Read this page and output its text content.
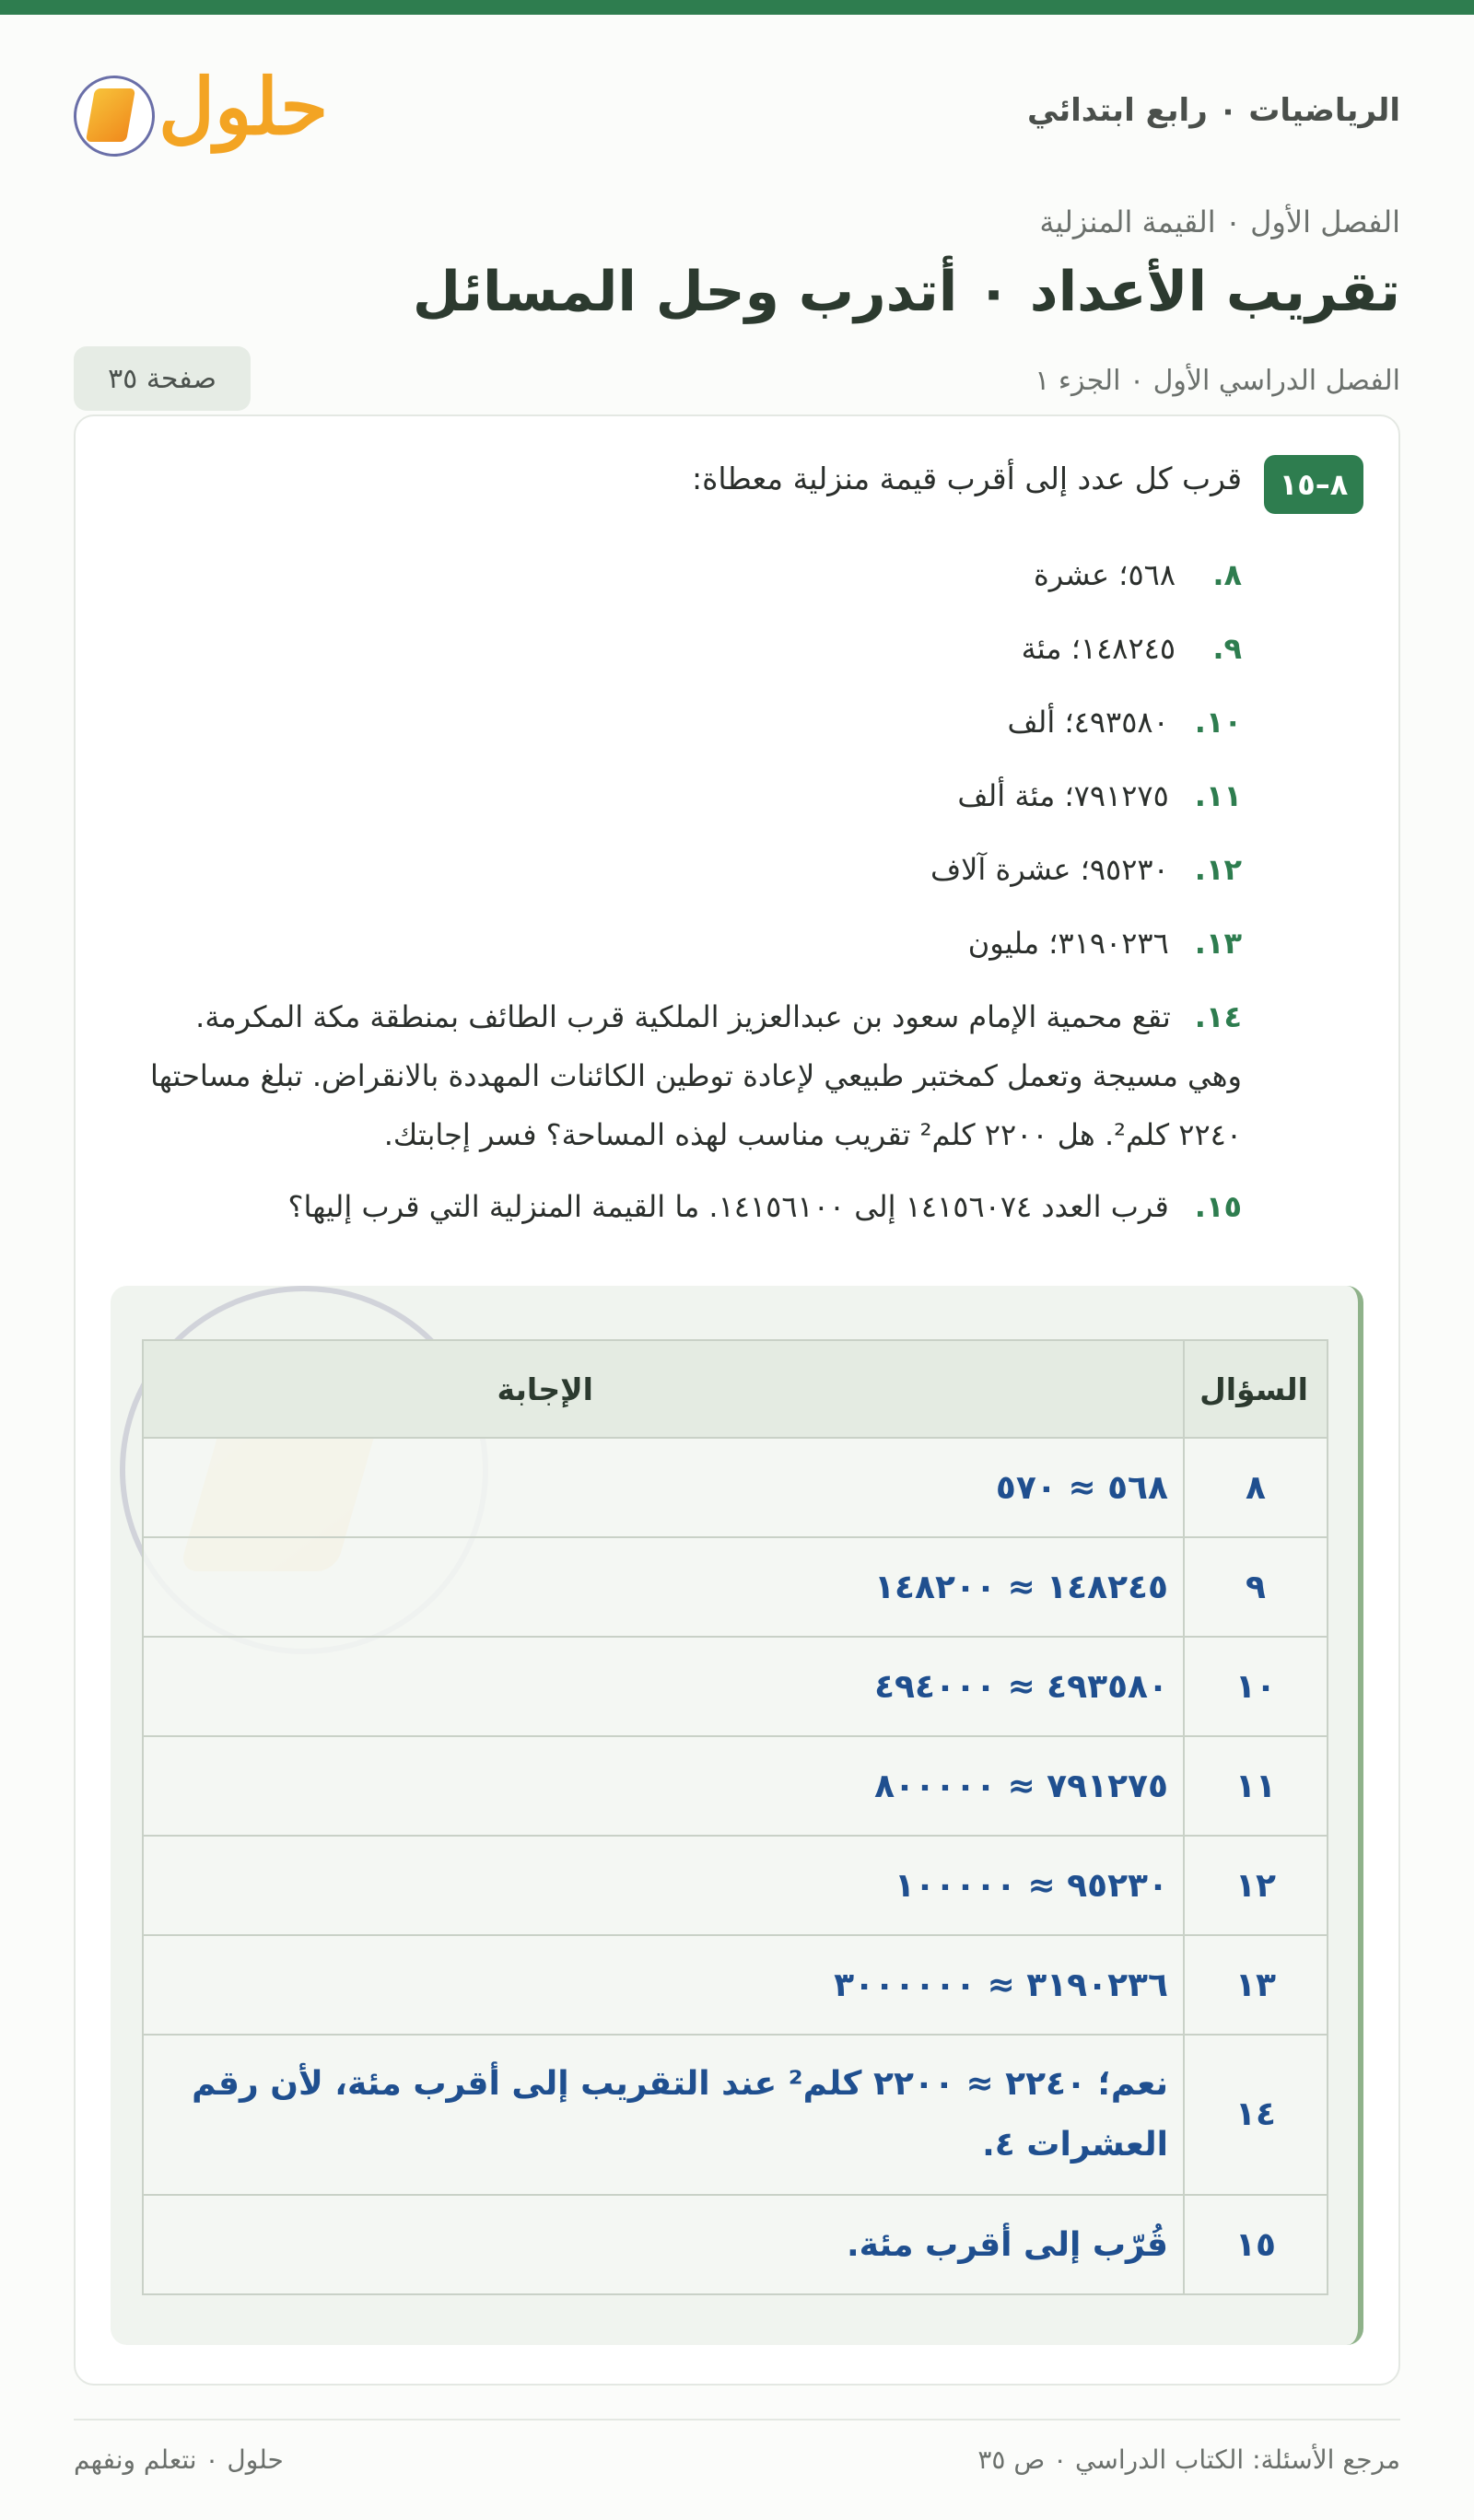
الرياضيات ٠ رابع ابتدائي
حلول
الفصل الأول ٠ القيمة المنزلية
تقريب الأعداد ٠ أتدرب وحل المسائل
الفصل الدراسي الأول ٠ الجزء ١
صفحة ٣٥
٨–١٥
قرب كل عدد إلى أقرب قيمة منزلية معطاة:
٨.
٥٦٨؛ عشرة
٩.
١٤٨٢٤٥؛ مئة
١٠.
٤٩٣٥٨٠؛ ألف
١١.
٧٩١٢٧٥؛ مئة ألف
١٢.
٩٥٢٣٠؛ عشرة آلاف
١٣.
٣١٩٠٢٣٦؛ مليون
١٤.تقع محمية الإمام سعود بن عبدالعزيز الملكية قرب الطائف بمنطقة مكة المكرمة. وهي مسيجة وتعمل كمختبر طبيعي لإعادة توطين الكائنات المهددة بالانقراض. تبلغ مساحتها ٢٢٤٠ كلم². هل ٢٢٠٠ كلم² تقريب مناسب لهذه المساحة؟ فسر إجابتك.
١٥.
قرب العدد ١٤١٥٦٠٧٤ إلى ١٤١٥٦١٠٠. ما القيمة المنزلية التي قرب إليها؟
السؤال	الإجابة
٨	٥٦٨ ≈ ٥٧٠
٩	١٤٨٢٤٥ ≈ ١٤٨٢٠٠
١٠	٤٩٣٥٨٠ ≈ ٤٩٤٠٠٠
١١	٧٩١٢٧٥ ≈ ٨٠٠٠٠٠
١٢	٩٥٢٣٠ ≈ ١٠٠٠٠٠
١٣	٣١٩٠٢٣٦ ≈ ٣٠٠٠٠٠٠
١٤	نعم؛ ٢٢٤٠ ≈ ٢٢٠٠ كلم² عند التقريب إلى أقرب مئة، لأن رقم العشرات ٤.
١٥	قُرّب إلى أقرب مئة.
مرجع الأسئلة: الكتاب الدراسي ٠ ص ٣٥
حلول ٠ نتعلم ونفهم
